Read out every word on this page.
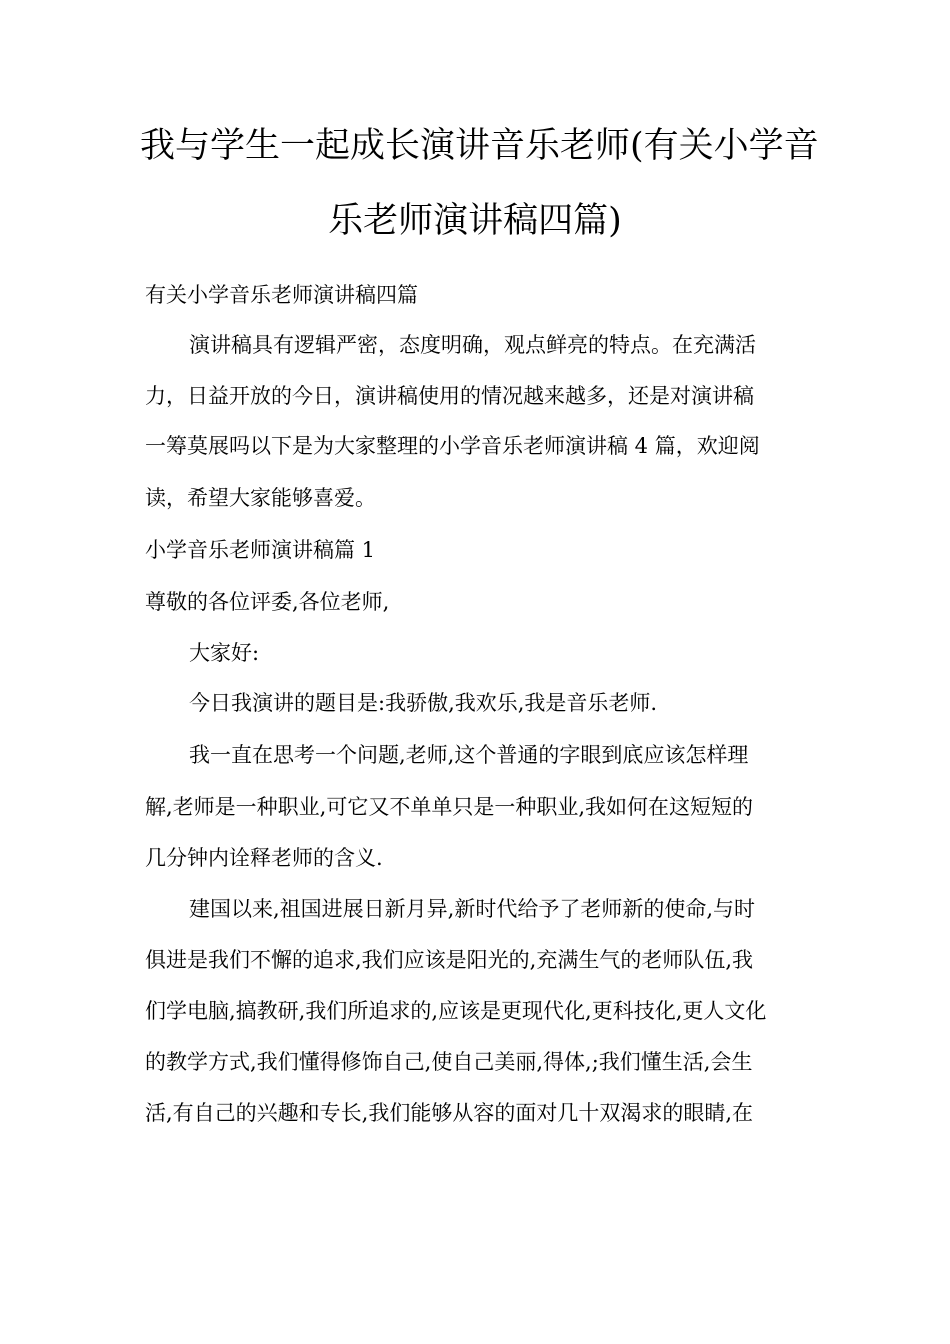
我与学生一起成长演讲音乐老师(有关小学音
乐老师演讲稿四篇)
有关小学音乐老师演讲稿四篇
演讲稿具有逻辑严密，态度明确，观点鲜亮的特点。在充满活
力，日益开放的今日，演讲稿使用的情况越来越多，还是对演讲稿
一筹莫展吗以下是为大家整理的小学音乐老师演讲稿 4 篇，欢迎阅
读，希望大家能够喜爱。
小学音乐老师演讲稿篇 1
尊敬的各位评委,各位老师,
大家好:
今日我演讲的题目是:我骄傲,我欢乐,我是音乐老师.
我一直在思考一个问题,老师,这个普通的字眼到底应该怎样理
解,老师是一种职业,可它又不单单只是一种职业,我如何在这短短的
几分钟内诠释老师的含义.
建国以来,祖国进展日新月异,新时代给予了老师新的使命,与时
俱进是我们不懈的追求,我们应该是阳光的,充满生气的老师队伍,我
们学电脑,搞教研,我们所追求的,应该是更现代化,更科技化,更人文化
的教学方式,我们懂得修饰自己,使自己美丽,得体,;我们懂生活,会生
活,有自己的兴趣和专长,我们能够从容的面对几十双渴求的眼睛,在
